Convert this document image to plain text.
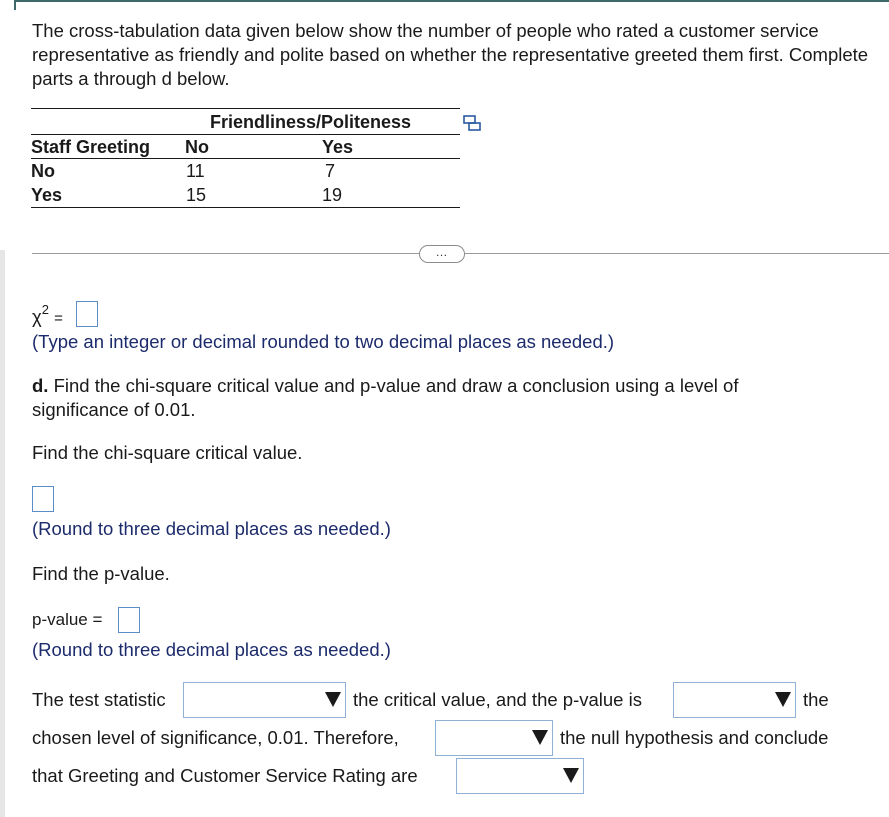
The cross-tabulation data given below show the number of people who rated a customer service representative as friendly and polite based on whether the representative greeted them first. Complete parts a through d below.
Friendliness/Politeness
Staff Greeting No	Yes
No	11	7
Yes	15	19
…
$\chi^2$ =
(Type an integer or decimal rounded to two decimal places as needed.)
d. Find the chi-square critical value and p-value and draw a conclusion using a level of significance of 0.01.
Find the chi-square critical value.
(Round to three decimal places as needed.)
Find the p-value.
p-value =
(Round to three decimal places as needed.)
The test statistic	the critical value, and the p-value is	the
chosen level of significance, 0.01. Therefore,	the null hypothesis and conclude
that Greeting and Customer Service Rating are
